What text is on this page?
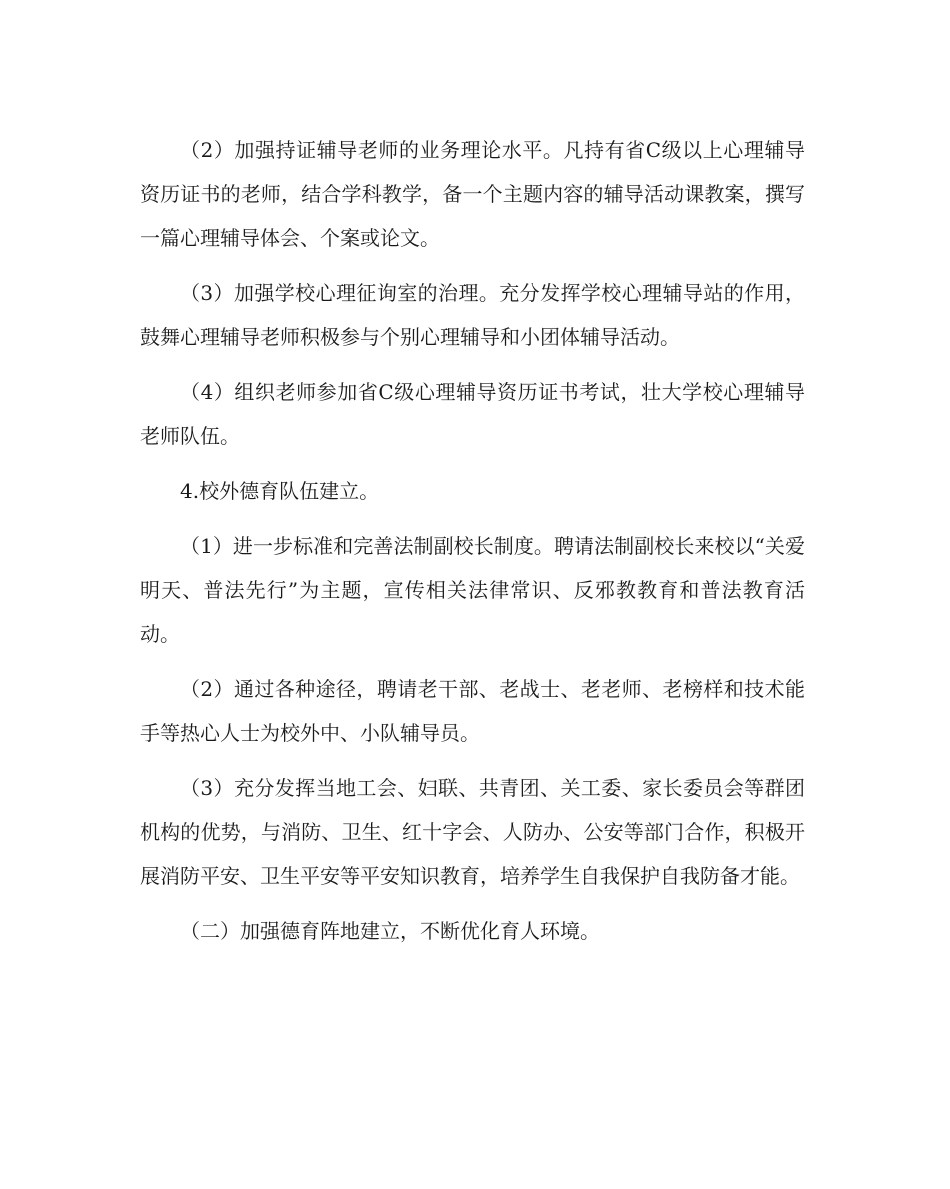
（2）加强持证辅导老师的业务理论水平。凡持有省C级以上心理辅导资历证书的老师，结合学科教学，备一个主题内容的辅导活动课教案，撰写一篇心理辅导体会、个案或论文。

（3）加强学校心理征询室的治理。充分发挥学校心理辅导站的作用，鼓舞心理辅导老师积极参与个别心理辅导和小团体辅导活动。

（4）组织老师参加省C级心理辅导资历证书考试，壮大学校心理辅导老师队伍。

4.校外德育队伍建立。

（1）进一步标准和完善法制副校长制度。聘请法制副校长来校以“关爱明天、普法先行”为主题，宣传相关法律常识、反邪教教育和普法教育活动。

（2）通过各种途径，聘请老干部、老战士、老老师、老榜样和技术能手等热心人士为校外中、小队辅导员。

（3）充分发挥当地工会、妇联、共青团、关工委、家长委员会等群团机构的优势，与消防、卫生、红十字会、人防办、公安等部门合作，积极开展消防平安、卫生平安等平安知识教育，培养学生自我保护自我防备才能。

（二）加强德育阵地建立，不断优化育人环境。
